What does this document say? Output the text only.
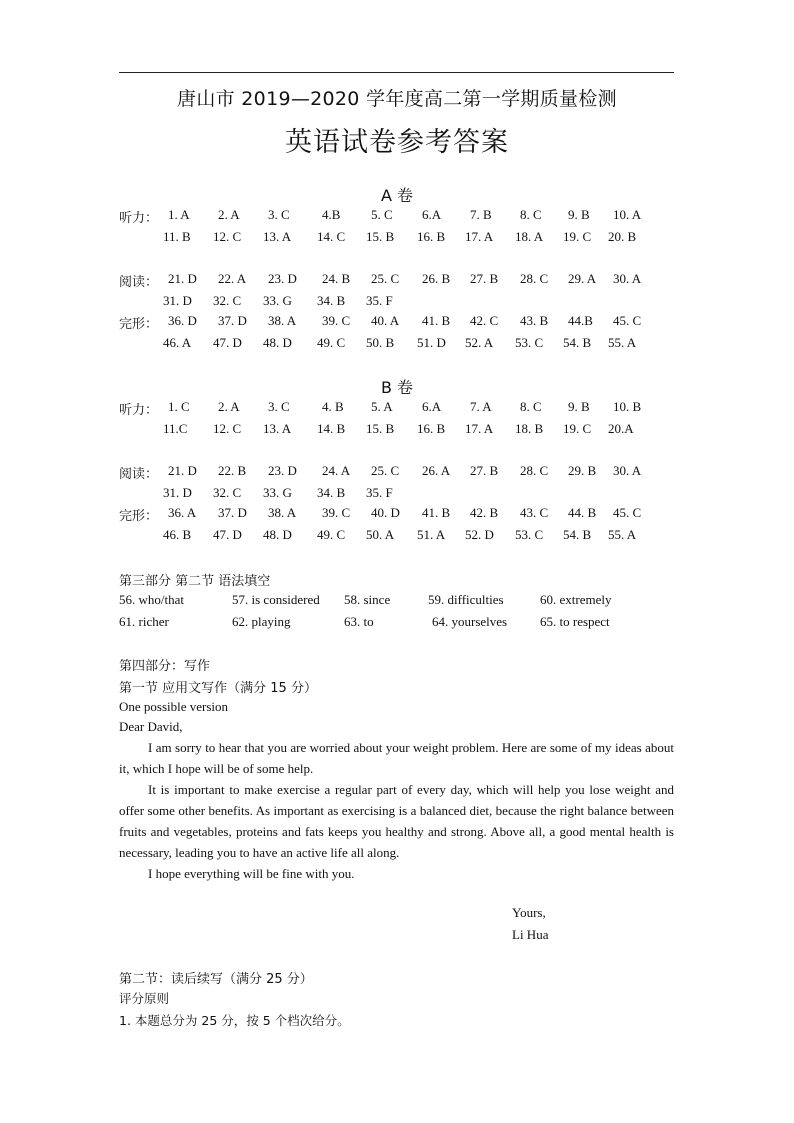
唐山市 2019—2020 学年度高二第一学期质量检测
英语试卷参考答案
A 卷
听力： 1. A 2. A 3. C 4.B 5. C 6.A 7. B 8. C 9. B 10. A
11. B 12. C 13. A 14. C 15. B 16. B 17. A 18. A 19. C 20. B
阅读： 21. D 22. A 23. D 24. B 25. C 26. B 27. B 28. C 29. A 30. A
31. D 32. C 33. G 34. B 35. F
完形： 36. D 37. D 38. A 39. C 40. A 41. B 42. C 43. B 44.B 45. C
46. A 47. D 48. D 49. C 50. B 51. D 52. A 53. C 54. B 55. A
B 卷
听力： 1. C 2. A 3. C 4. B 5. A 6.A 7. A 8. C 9. B 10. B
11.C 12. C 13. A 14. B 15. B 16. B 17. A 18. B 19. C 20.A
阅读： 21. D 22. B 23. D 24. A 25. C 26. A 27. B 28. C 29. B 30. A
31. D 32. C 33. G 34. B 35. F
完形： 36. A 37. D 38. A 39. C 40. D 41. B 42. B 43. C 44. B 45. C
46. B 47. D 48. D 49. C 50. A 51. A 52. D 53. C 54. B 55. A
第三部分 第二节 语法填空
56. who/that	57. is considered 58. since	59. difficulties	60. extremely
61. richer	62. playing	63. to	64. yourselves	65. to respect
第四部分：写作
第一节 应用文写作（满分 15 分）
One possible version
Dear David,
I am sorry to hear that you are worried about your weight problem. Here are some of my ideas about it, which I hope will be of some help.
It is important to make exercise a regular part of every day, which will help you lose weight and offer some other benefits. As important as exercising is a balanced diet, because the right balance between fruits and vegetables, proteins and fats keeps you healthy and strong. Above all, a good mental health is necessary, leading you to have an active life all along.
I hope everything will be fine with you.
Yours,
Li Hua
第二节：读后续写（满分 25 分）
评分原则
1. 本题总分为 25 分，按 5 个档次给分。
